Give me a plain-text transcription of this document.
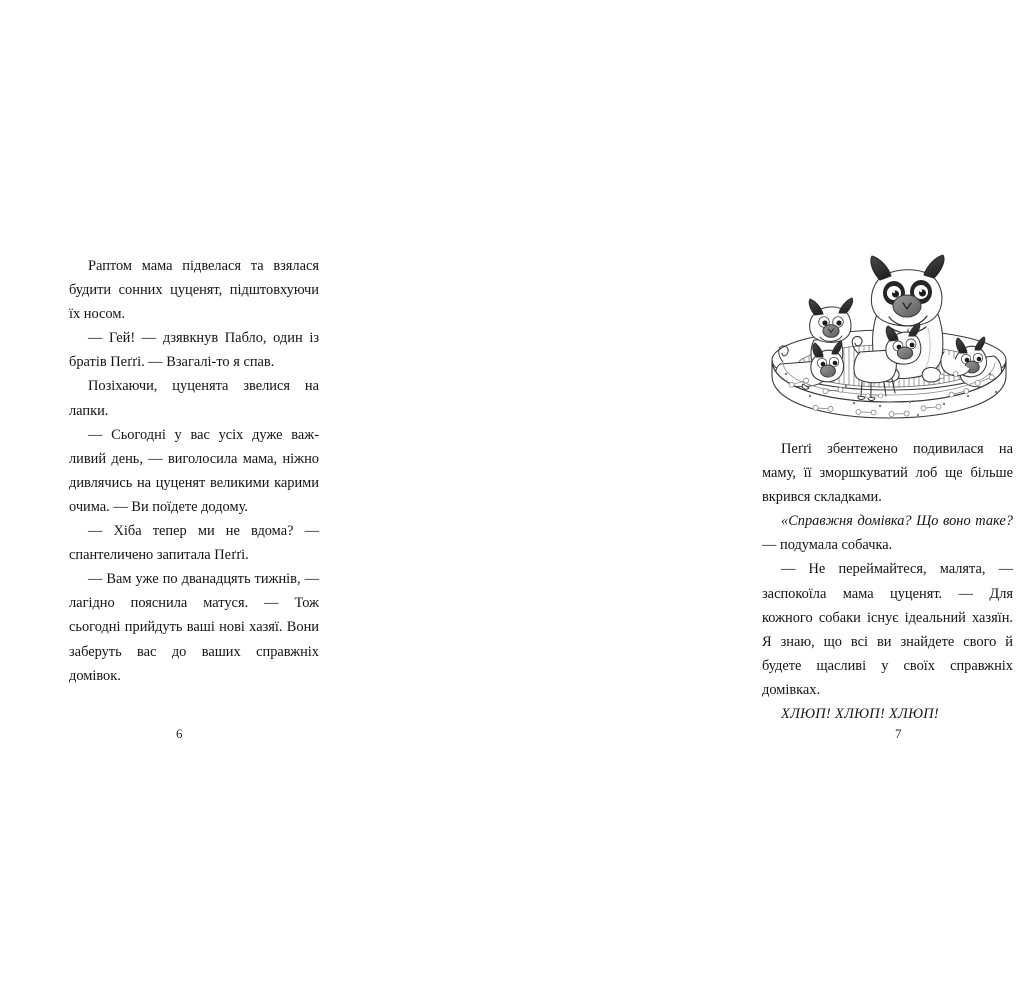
Раптом мама підвелася та взялася будити сонних цуценят, підштовхуючи їх носом.

— Гей! — дзявкнув Пабло, один із братів Пеґґі. — Взагалі-то я спав.

Позіхаючи, цуценята звелися на лапки.

— Сьогодні у вас усіх дуже важливий день, — виголосила мама, ніжно дивлячись на цуценят великими карими очима. — Ви поїдете додому.

— Хіба тепер ми не вдома? — спантеличено запитала Пеґґі.

— Вам уже по дванадцять тижнів, — лагідно пояснила матуся. — Тож сьогодні прийдуть ваші нові хазяї. Вони заберуть вас до ваших справжніх домівок.

6

Пеґґі збентежено подивилася на маму, її зморшкуватий лоб ще більше вкрився складками.

«Справжня домівка? Що воно таке? — подумала собачка.

— Не переймайтеся, малята, — заспокоїла мама цуценят. — Для кожного собаки існує ідеальний хазяїн. Я знаю, що всі ви знайдете свого й будете щасливі у своїх справжніх домівках.

ХЛЮП! ХЛЮП! ХЛЮП!

7
